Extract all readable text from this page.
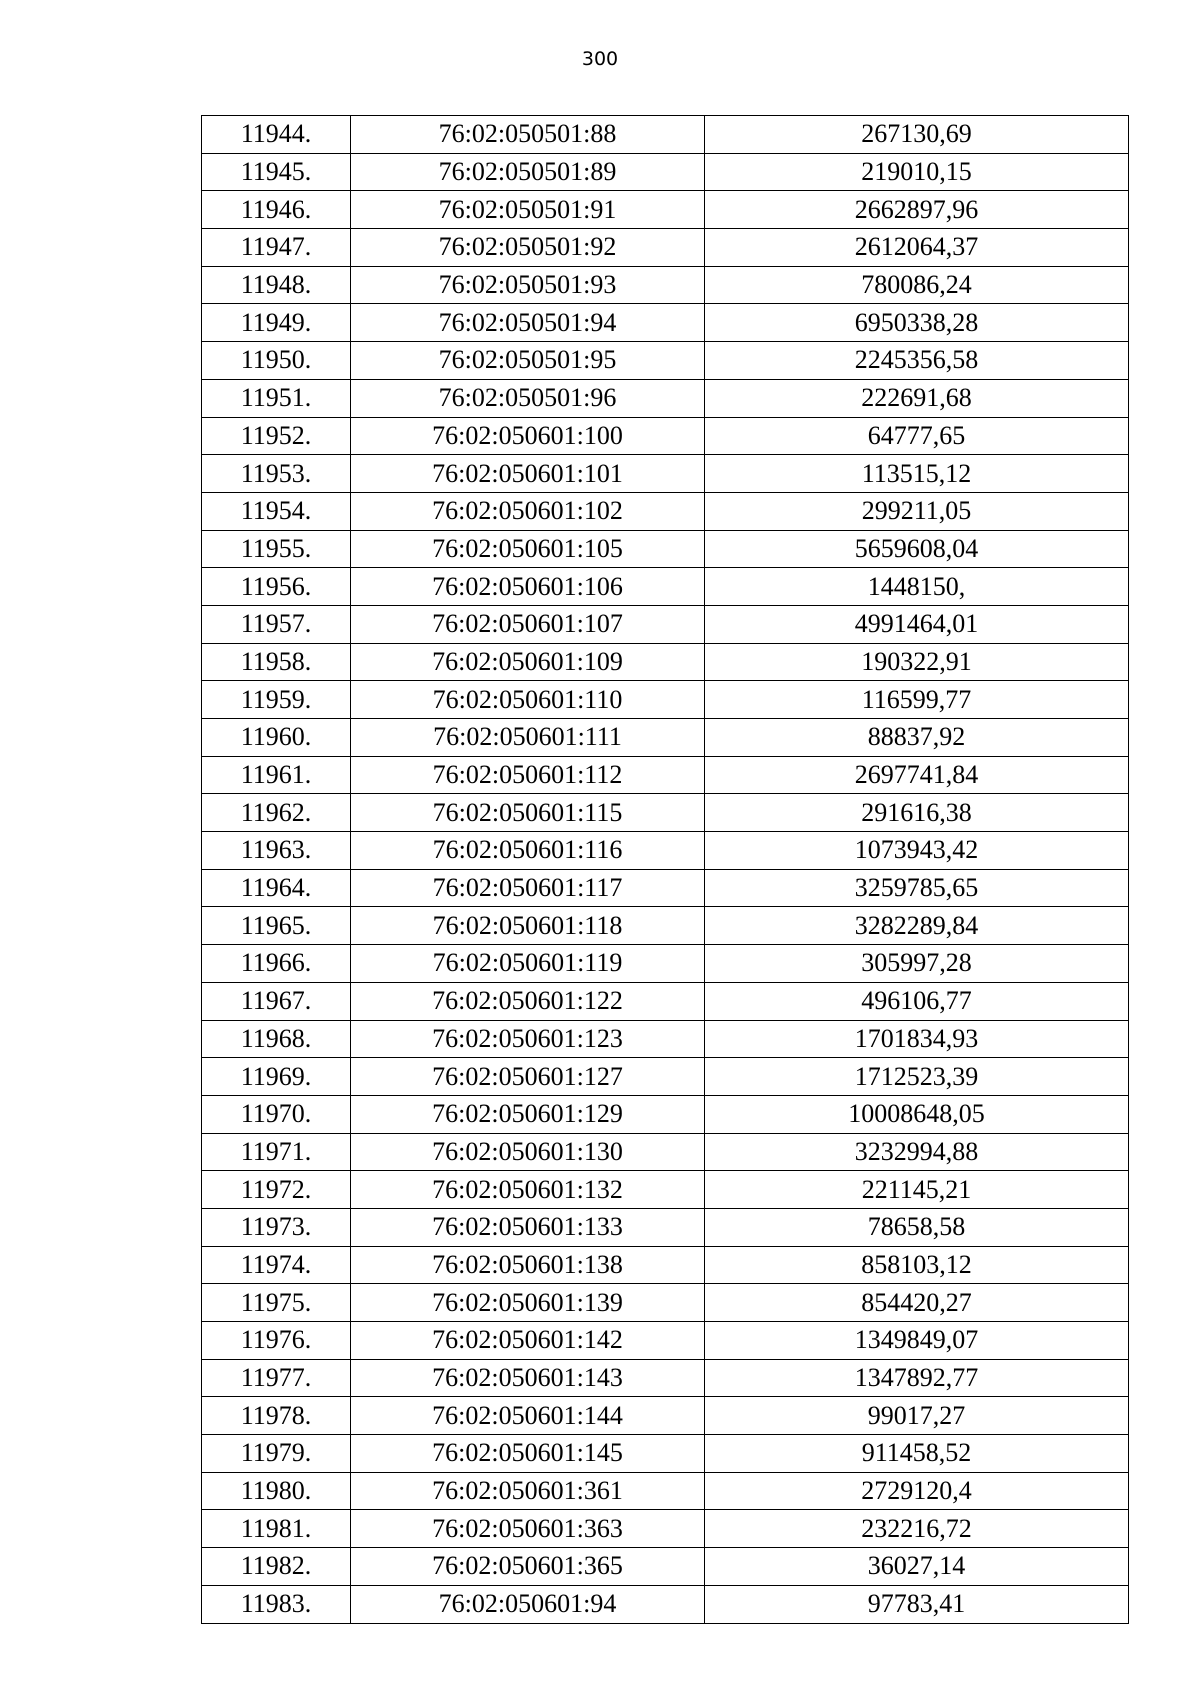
300
11944.	76:02:050501:88	267130,69
11945.	76:02:050501:89	219010,15
11946.	76:02:050501:91	2662897,96
11947.	76:02:050501:92	2612064,37
11948.	76:02:050501:93	780086,24
11949.	76:02:050501:94	6950338,28
11950.	76:02:050501:95	2245356,58
11951.	76:02:050501:96	222691,68
11952.	76:02:050601:100	64777,65
11953.	76:02:050601:101	113515,12
11954.	76:02:050601:102	299211,05
11955.	76:02:050601:105	5659608,04
11956.	76:02:050601:106	1448150,
11957.	76:02:050601:107	4991464,01
11958.	76:02:050601:109	190322,91
11959.	76:02:050601:110	116599,77
11960.	76:02:050601:111	88837,92
11961.	76:02:050601:112	2697741,84
11962.	76:02:050601:115	291616,38
11963.	76:02:050601:116	1073943,42
11964.	76:02:050601:117	3259785,65
11965.	76:02:050601:118	3282289,84
11966.	76:02:050601:119	305997,28
11967.	76:02:050601:122	496106,77
11968.	76:02:050601:123	1701834,93
11969.	76:02:050601:127	1712523,39
11970.	76:02:050601:129	10008648,05
11971.	76:02:050601:130	3232994,88
11972.	76:02:050601:132	221145,21
11973.	76:02:050601:133	78658,58
11974.	76:02:050601:138	858103,12
11975.	76:02:050601:139	854420,27
11976.	76:02:050601:142	1349849,07
11977.	76:02:050601:143	1347892,77
11978.	76:02:050601:144	99017,27
11979.	76:02:050601:145	911458,52
11980.	76:02:050601:361	2729120,4
11981.	76:02:050601:363	232216,72
11982.	76:02:050601:365	36027,14
11983.	76:02:050601:94	97783,41
